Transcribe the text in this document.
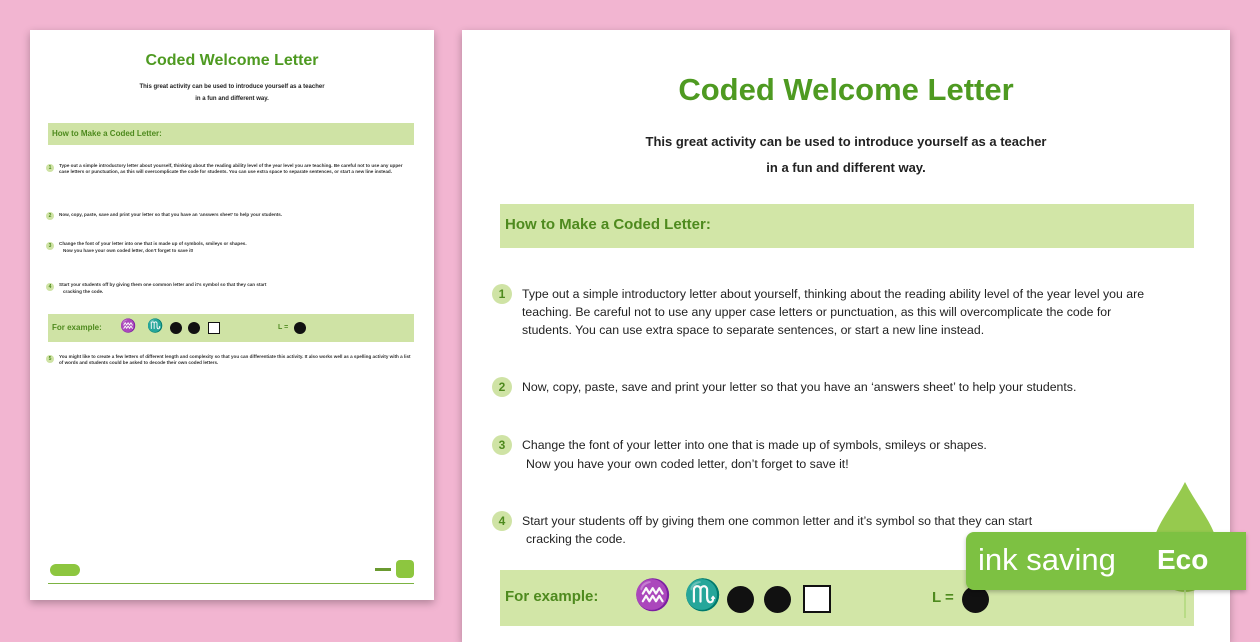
Coded Welcome Letter
This great activity can be used to introduce yourself as a teacher
in a fun and different way.
How to Make a Coded Letter:
1	Type out a simple introductory letter about yourself, thinking about the reading ability level of the year level you are teaching. Be careful not to use any upper case letters or punctuation, as this will overcomplicate the code for students. You can use extra space to separate sentences, or start a new line instead.
2	Now, copy, paste, save and print your letter so that you have an ‘answers sheet’ to help your students.
3	Change the font of your letter into one that is made up of symbols, smileys or shapes.
Now you have your own coded letter, don’t forget to save it!
4	Start your students off by giving them one common letter and it’s symbol so that they can start
cracking the code.
For example: ♒ ♏	L =
5	You might like to create a few letters of different length and complexity so that you can differentiate this activity. It also works well as a spelling activity with a list of words and students could be asked to decode their own coded letters.
Coded Welcome Letter
This great activity can be used to introduce yourself as a teacher
in a fun and different way.
How to Make a Coded Letter:
1	Type out a simple introductory letter about yourself, thinking about the reading ability level of the year level you are teaching. Be careful not to use any upper case letters or punctuation, as this will overcomplicate the code for students. You can use extra space to separate sentences, or start a new line instead.
2	Now, copy, paste, save and print your letter so that you have an ‘answers sheet’ to help your students.
3	Change the font of your letter into one that is made up of symbols, smileys or shapes.
Now you have your own coded letter, don’t forget to save it!
4	Start your students off by giving them one common letter and it’s symbol so that they can start
cracking the code.
For example: ♒ ♏	L =
ink saving Eco
